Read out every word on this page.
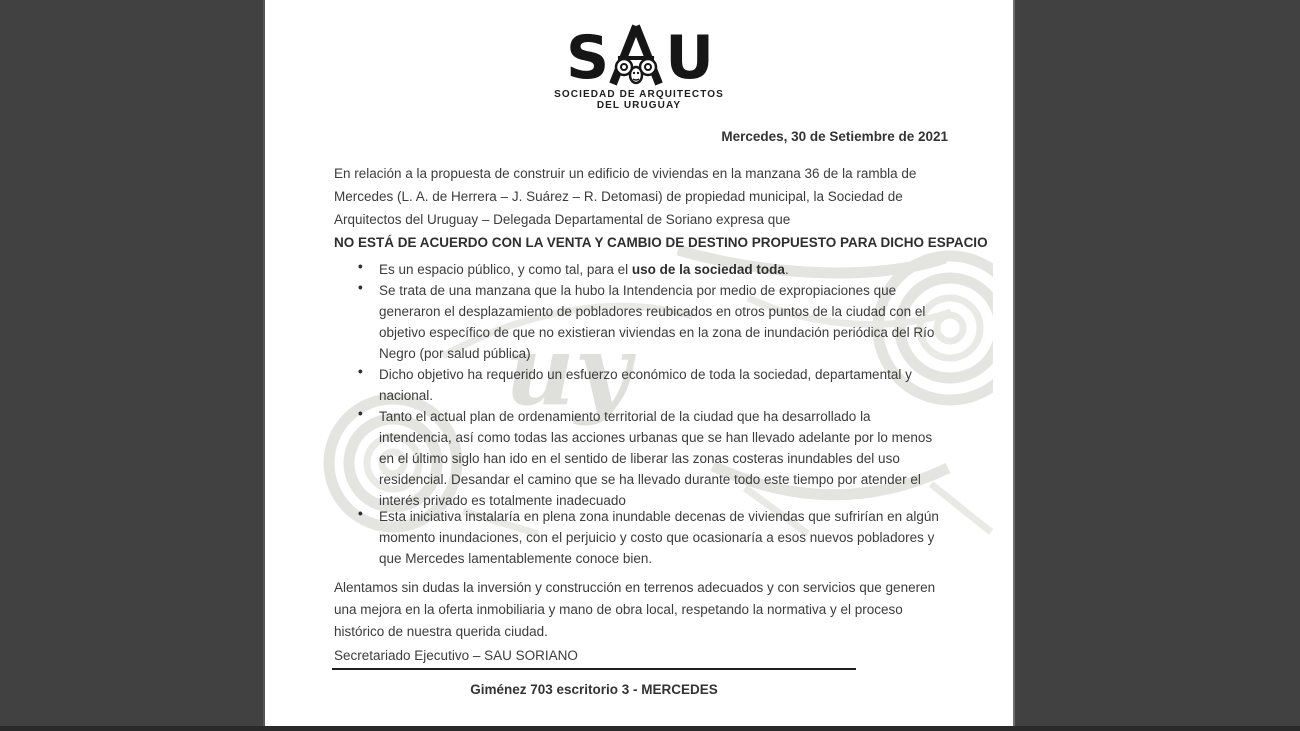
uy
S U
SOCIEDAD DE ARQUITECTOS
DEL URUGUAY
Mercedes, 30 de Setiembre de 2021
En relación a la propuesta de construir un edificio de viviendas en la manzana 36 de la rambla de
Mercedes (L. A. de Herrera – J. Suárez – R. Detomasi) de propiedad municipal, la Sociedad de
Arquitectos del Uruguay – Delegada Departamental de Soriano expresa que
NO ESTÁ DE ACUERDO CON LA VENTA Y CAMBIO DE DESTINO PROPUESTO PARA DICHO ESPACIO
• Es un espacio público, y como tal, para el uso de la sociedad toda.
• Se trata de una manzana que la hubo la Intendencia por medio de expropiaciones que
generaron el desplazamiento de pobladores reubicados en otros puntos de la ciudad con el
objetivo específico de que no existieran viviendas en la zona de inundación periódica del Río
Negro (por salud pública)
• Dicho objetivo ha requerido un esfuerzo económico de toda la sociedad, departamental y
nacional.
• Tanto el actual plan de ordenamiento territorial de la ciudad que ha desarrollado la
intendencia, así como todas las acciones urbanas que se han llevado adelante por lo menos
en el último siglo han ido en el sentido de liberar las zonas costeras inundables del uso
residencial. Desandar el camino que se ha llevado durante todo este tiempo por atender el
interés privado es totalmente inadecuado
• Esta iniciativa instalaría en plena zona inundable decenas de viviendas que sufrirían en algún
momento inundaciones, con el perjuicio y costo que ocasionaría a esos nuevos pobladores y
que Mercedes lamentablemente conoce bien.
Alentamos sin dudas la inversión y construcción en terrenos adecuados y con servicios que generen
una mejora en la oferta inmobiliaria y mano de obra local, respetando la normativa y el proceso
histórico de nuestra querida ciudad.
Secretariado Ejecutivo – SAU SORIANO
Giménez 703 escritorio 3 - MERCEDES
